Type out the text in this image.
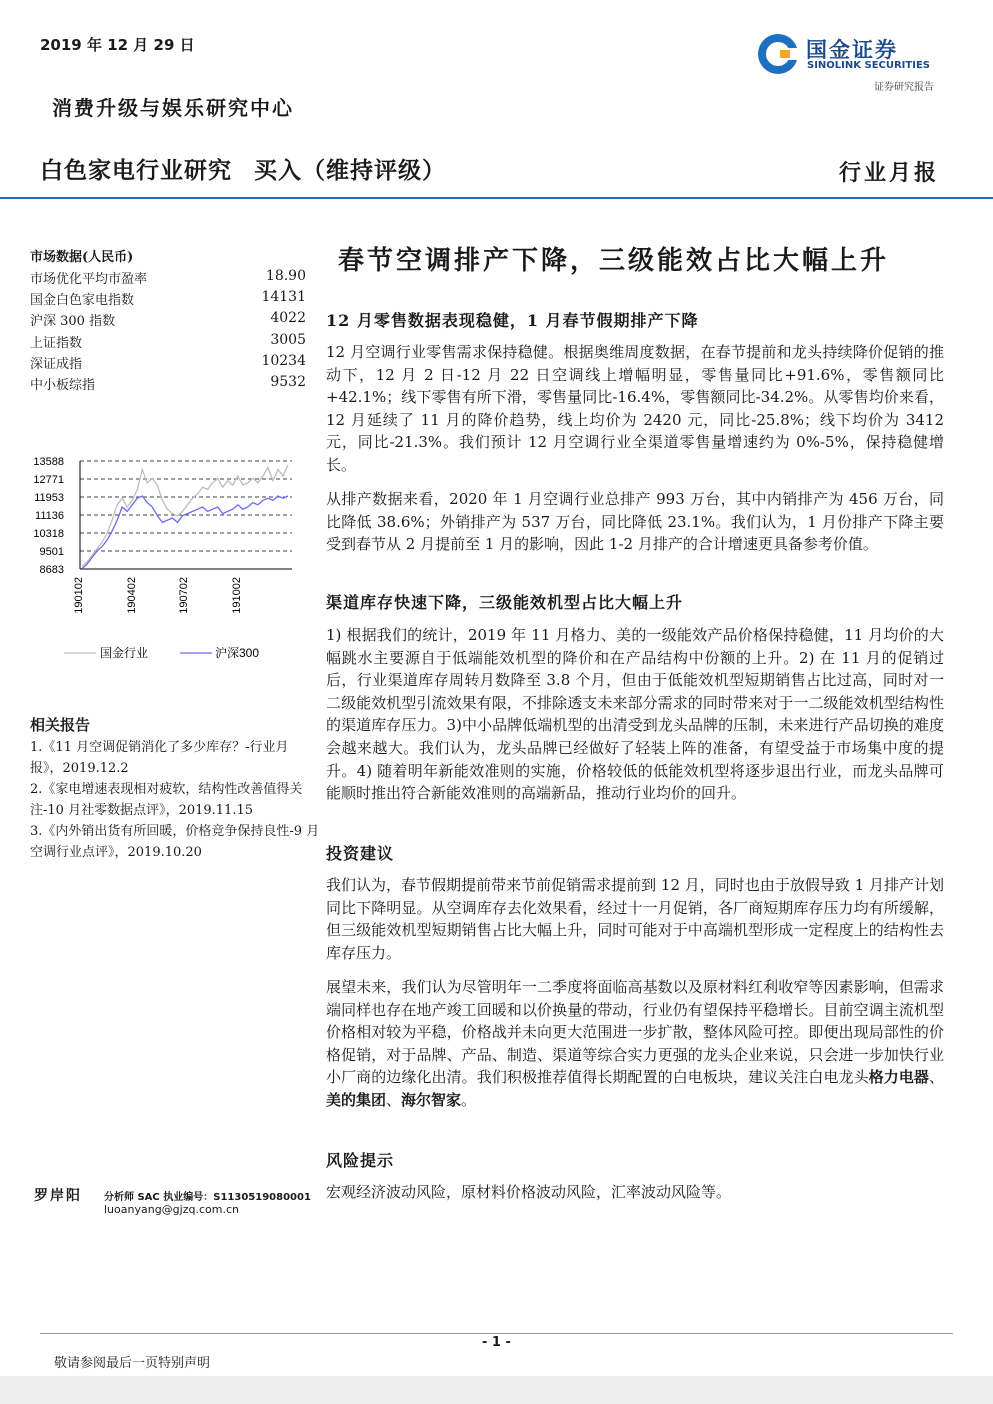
2019 年 12 月 29 日
消费升级与娱乐研究中心
白色家电行业研究 买入（维持评级）	行业月报
国金证券
SINOLINK SECURITIES
证券研究报告
市场数据(人民币)
市场优化平均市盈率	18.90
国金白色家电指数	14131
沪深 300 指数	4022
上证指数	3005
深证成指	10234
中小板综指	9532
13588
12771
11953
11136
10318
9501
8683
190102	190402	190702	191002
国金行业	沪深300
相关报告
1.《11 月空调促销消化了多少库存？-行业月报》，2019.12.2
2.《家电增速表现相对疲软，结构性改善值得关注-10 月社零数据点评》，2019.11.15
3.《内外销出货有所回暖，价格竞争保持良性-9 月空调行业点评》，2019.10.20
罗岸阳 分析师 SAC 执业编号：S1130519080001
luoanyang@gjzq.com.cn
春节空调排产下降，三级能效占比大幅上升
12 月零售数据表现稳健，1 月春节假期排产下降
12 月空调行业零售需求保持稳健。根据奥维周度数据，在春节提前和龙头持续降价促销的推动下，12 月 2 日-12 月 22 日空调线上增幅明显，零售量同比+91.6%，零售额同比+42.1%；线下零售有所下滑，零售量同比-16.4%，零售额同比-34.2%。从零售均价来看，12 月延续了 11 月的降价趋势，线上均价为 2420 元，同比-25.8%；线下均价为 3412 元，同比-21.3%。我们预计 12 月空调行业全渠道零售量增速约为 0%-5%，保持稳健增长。
从排产数据来看，2020 年 1 月空调行业总排产 993 万台，其中内销排产为 456 万台，同比降低 38.6%；外销排产为 537 万台，同比降低 23.1%。我们认为，1 月份排产下降主要受到春节从 2 月提前至 1 月的影响，因此 1-2 月排产的合计增速更具备参考价值。
渠道库存快速下降，三级能效机型占比大幅上升
1) 根据我们的统计，2019 年 11 月格力、美的一级能效产品价格保持稳健，11 月均价的大幅跳水主要源自于低端能效机型的降价和在产品结构中份额的上升。2) 在 11 月的促销过后，行业渠道库存周转月数降至 3.8 个月，但由于低能效机型短期销售占比过高，同时对一二级能效机型引流效果有限，不排除透支未来部分需求的同时带来对于一二级能效机型结构性的渠道库存压力。3)中小品牌低端机型的出清受到龙头品牌的压制，未来进行产品切换的难度会越来越大。我们认为，龙头品牌已经做好了轻装上阵的准备，有望受益于市场集中度的提升。4) 随着明年新能效准则的实施，价格较低的低能效机型将逐步退出行业，而龙头品牌可能顺时推出符合新能效准则的高端新品，推动行业均价的回升。
投资建议
我们认为，春节假期提前带来节前促销需求提前到 12 月，同时也由于放假导致 1 月排产计划同比下降明显。从空调库存去化效果看，经过十一月促销，各厂商短期库存压力均有所缓解，但三级能效机型短期销售占比大幅上升，同时可能对于中高端机型形成一定程度上的结构性去库存压力。
展望未来，我们认为尽管明年一二季度将面临高基数以及原材料红利收窄等因素影响，但需求端同样也存在地产竣工回暖和以价换量的带动，行业仍有望保持平稳增长。目前空调主流机型价格相对较为平稳，价格战并未向更大范围进一步扩散，整体风险可控。即便出现局部性的价格促销，对于品牌、产品、制造、渠道等综合实力更强的龙头企业来说，只会进一步加快行业小厂商的边缘化出清。我们积极推荐值得长期配置的白电板块，建议关注白电龙头格力电器、美的集团、海尔智家。
风险提示
宏观经济波动风险，原材料价格波动风险，汇率波动风险等。
- 1 -
敬请参阅最后一页特别声明
